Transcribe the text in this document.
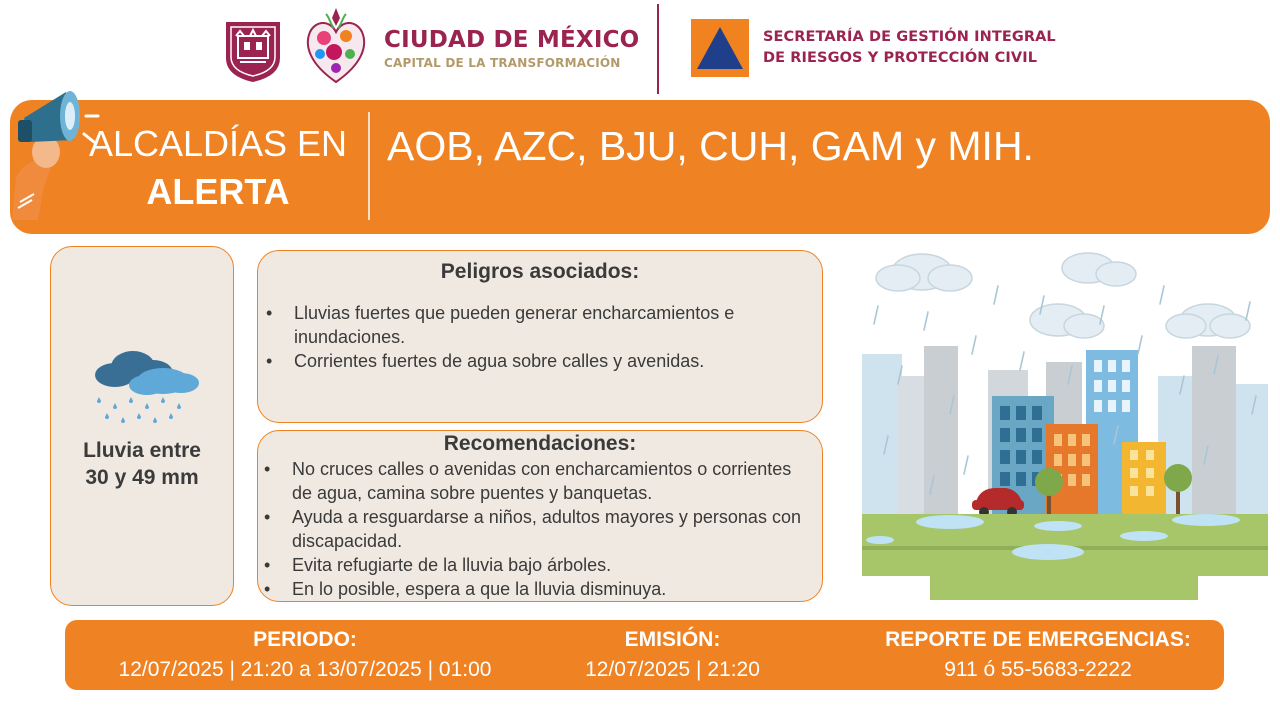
CIUDAD DE MÉXICO
CAPITAL DE LA TRANSFORMACIÓN
SECRETARÍA DE GESTIÓN INTEGRAL
DE RIESGOS Y PROTECCIÓN CIVIL
ALCALDÍAS EN
ALERTA
AOB, AZC, BJU, CUH, GAM y MIH.
Lluvia entre
30 y 49 mm
Peligros asociados:
• Lluvias fuertes que pueden generar encharcamientos e inundaciones.
• Corrientes fuertes de agua sobre calles y avenidas.
Recomendaciones:
• No cruces calles o avenidas con encharcamientos o corrientes de agua, camina sobre puentes y banquetas.
• Ayuda a resguardarse a niños, adultos mayores y personas con discapacidad.
• Evita refugiarte de la lluvia bajo árboles.
• En lo posible, espera a que la lluvia disminuya.
PERIODO:
12/07/2025 | 21:20 a 13/07/2025 | 01:00
EMISIÓN:
12/07/2025 | 21:20 horas
REPORTE DE EMERGENCIAS:
911 ó 55-5683-2222
